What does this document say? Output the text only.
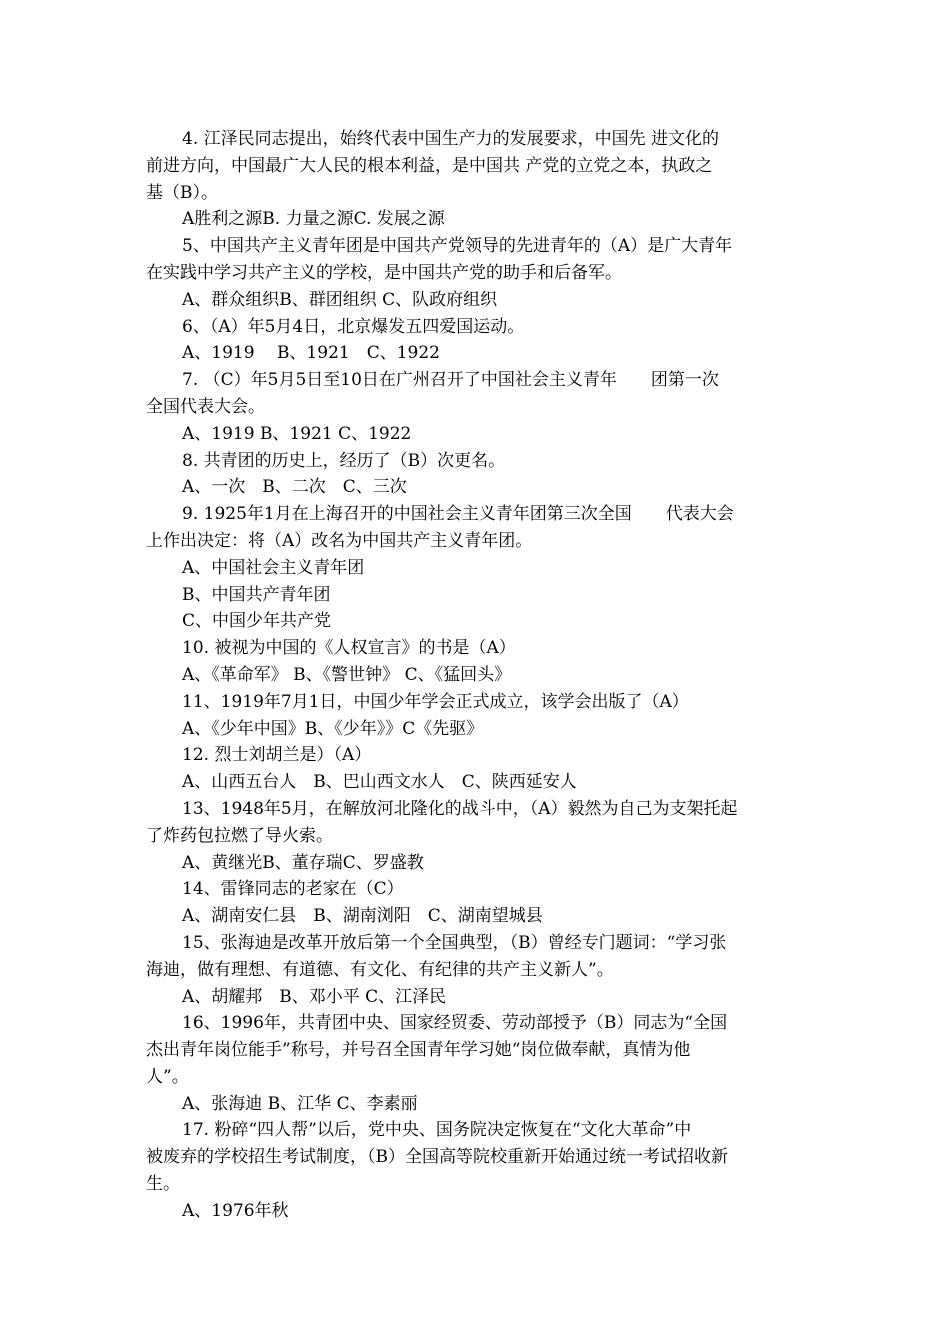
4. 江泽民同志提出，始终代表中国生产力的发展要求，中国先 进文化的
前进方向，中国最广大人民的根本利益，是中国共 产党的立党之本，执政之
基（B）。
A胜利之源B. 力量之源C. 发展之源
5、中国共产主义青年团是中国共产党领导的先进青年的（A）是广大青年
在实践中学习共产主义的学校，是中国共产党的助手和后备军。
A、群众组织B、群团组织 C、队政府组织
6、（A）年5月4日，北京爆发五四爱国运动。
A、1919　 B、1921　C、1922
7. （C）年5月5日至10日在广州召开了中国社会主义青年　　团第一次
全国代表大会。
A、1919 B、1921 C、1922
8. 共青团的历史上，经历了（B）次更名。
A、一次　B、二次　C、三次
9. 1925年1月在上海召开的中国社会主义青年团第三次全国　　代表大会
上作出决定：将（A）改名为中国共产主义青年团。
A、中国社会主义青年团
B、中国共产青年团
C、中国少年共产党
10. 被视为中国的《人权宣言》的书是（A）
A、《革命军》 B、《警世钟》 C、《猛回头》
11、1919年7月1日，中国少年学会正式成立，该学会出版了（A）
A、《少年中国》B、《少年》》C《先驱》
12. 烈士刘胡兰是）（A）
A、山西五台人　B、巴山西文水人　C、陕西延安人
13、1948年5月，在解放河北隆化的战斗中，（A）毅然为自己为支架托起
了炸药包拉燃了导火索。
A、黄继光B、董存瑞C、罗盛教
14、雷锋同志的老家在（C）
A、湖南安仁县　B、湖南浏阳　C、湖南望城县
15、张海迪是改革开放后第一个全国典型，（B）曾经专门题词：“学习张
海迪，做有理想、有道德、有文化、有纪律的共产主义新人”。
A、胡耀邦　B、邓小平 C、江泽民
16、1996年，共青团中央、国家经贸委、劳动部授予（B）同志为“全国
杰出青年岗位能手”称号，并号召全国青年学习她“岗位做奉献，真情为他
人”。
A、张海迪 B、江华 C、李素丽
17. 粉碎“四人帮”以后，党中央、国务院决定恢复在“文化大革命”中
被废弃的学校招生考试制度，（B）全国高等院校重新开始通过统一考试招收新
生。
A、1976年秋
